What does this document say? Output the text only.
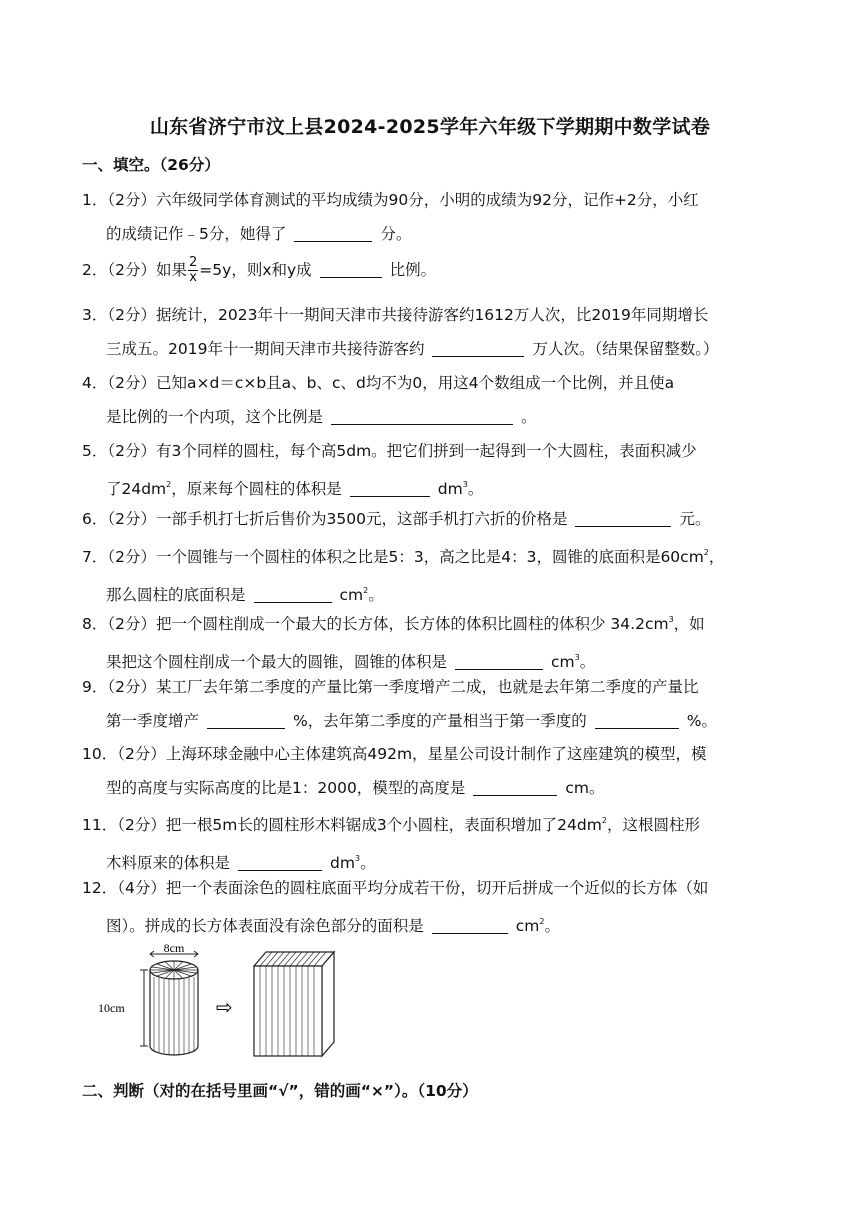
山东省济宁市汶上县2024-2025学年六年级下学期期中数学试卷
一、填空。（26分）
1．（2分）六年级同学体育测试的平均成绩为90分，小明的成绩为92分，记作+2分，小红
的成绩记作﹣5分，她得了	分。
2．（2分）如果 $\frac{2}{x} =5y$，则x和y成	比例。
3．（2分）据统计，2023年十一期间天津市共接待游客约1612万人次，比2019年同期增长
三成五。2019年十一期间天津市共接待游客约	万人次。（结果保留整数。）
4．（2分）已知a×d＝c×b且a、b、c、d均不为0，用这4个数组成一个比例，并且使a
是比例的一个内项，这个比例是	。
5．（2分）有3个同样的圆柱，每个高5dm。把它们拼到一起得到一个大圆柱，表面积减少
了$24dm^2$，原来每个圆柱的体积是	$dm^3$。
6．（2分）一部手机打七折后售价为3500元，这部手机打六折的价格是	元。
7．（2分）一个圆锥与一个圆柱的体积之比是5：3，高之比是4：3，圆锥的底面积是$60cm^2$，
那么圆柱的底面积是	$cm^2$。
8．（2分）把一个圆柱削成一个最大的长方体，长方体的体积比圆柱的体积少 $34.2cm^3$，如
果把这个圆柱削成一个最大的圆锥，圆锥的体积是	$cm^3$。
9．（2分）某工厂去年第二季度的产量比第一季度增产二成，也就是去年第二季度的产量比
第一季度增产	%，去年第二季度的产量相当于第一季度的	%。
10．（2分）上海环球金融中心主体建筑高492m，星星公司设计制作了这座建筑的模型，模
型的高度与实际高度的比是1：2000，模型的高度是	cm。
11．（2分）把一根5m长的圆柱形木料锯成3个小圆柱，表面积增加了$24dm^2$，这根圆柱形
木料原来的体积是	$dm^3$。
12．（4分）把一个表面涂色的圆柱底面平均分成若干份，切开后拼成一个近似的长方体（如
图）。拼成的长方体表面没有涂色部分的面积是	$cm^2$。
8cm
10cm	⇨
二、判断（对的在括号里画“√”，错的画“×”）。（10分）
